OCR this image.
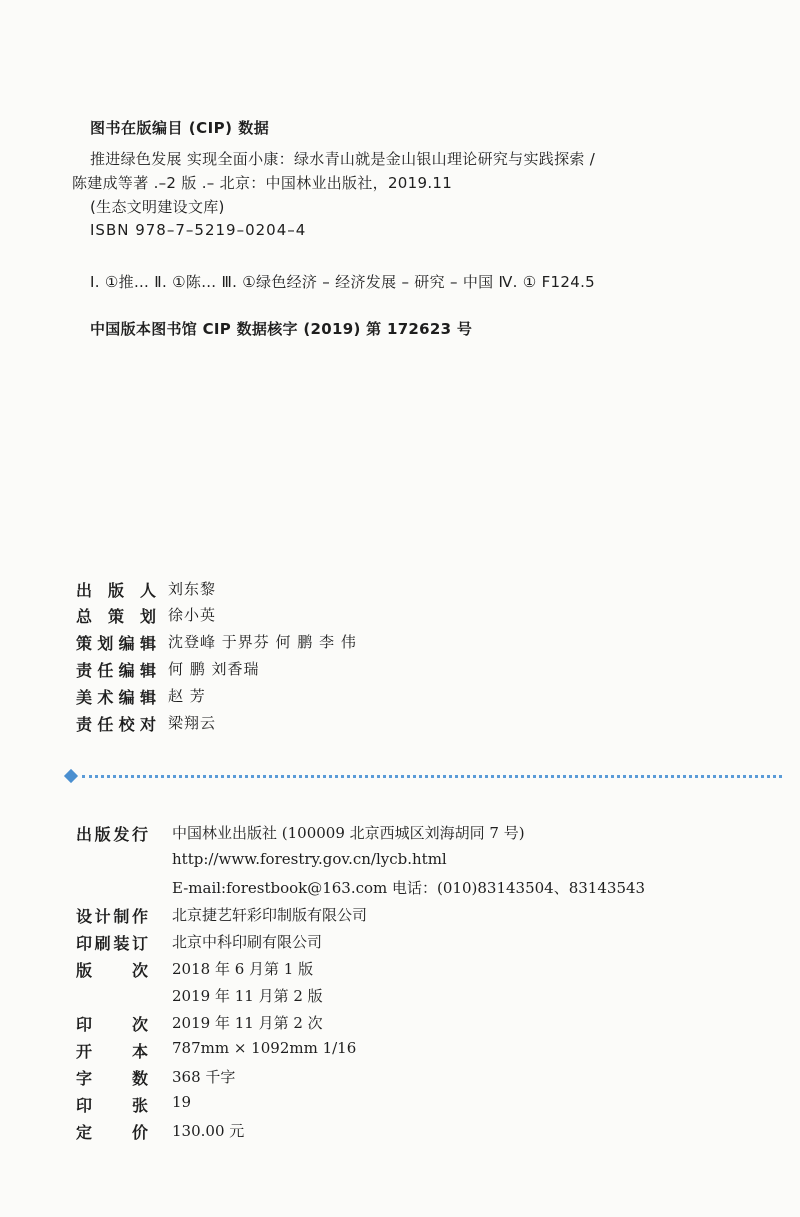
图书在版编目 (CIP) 数据
推进绿色发展 实现全面小康：绿水青山就是金山银山理论研究与实践探索 /
陈建成等著 .–2 版 .– 北京：中国林业出版社，2019.11
(生态文明建设文库)
ISBN 978–7–5219–0204–4
Ⅰ. ①推… Ⅱ. ①陈… Ⅲ. ①绿色经济 – 经济发展 – 研究 – 中国 Ⅳ. ① F124.5
中国版本图书馆 CIP 数据核字 (2019) 第 172623 号
出版人 刘东黎
总策划 徐小英
策划编辑 沈登峰 于界芬 何 鹏 李 伟
责任编辑 何 鹏 刘香瑞
美术编辑 赵 芳
责任校对 梁翔云
出版发行 中国林业出版社 (100009 北京西城区刘海胡同 7 号)
http://www.forestry.gov.cn/lycb.html
E-mail:forestbook@163.com 电话：(010)83143504、83143543
设计制作 北京捷艺轩彩印制版有限公司
印刷装订 北京中科印刷有限公司
版 次 2018 年 6 月第 1 版
2019 年 11 月第 2 版
印 次 2019 年 11 月第 2 次
开 本 787mm × 1092mm 1/16
字 数 368 千字
印 张 19
定 价 130.00 元
